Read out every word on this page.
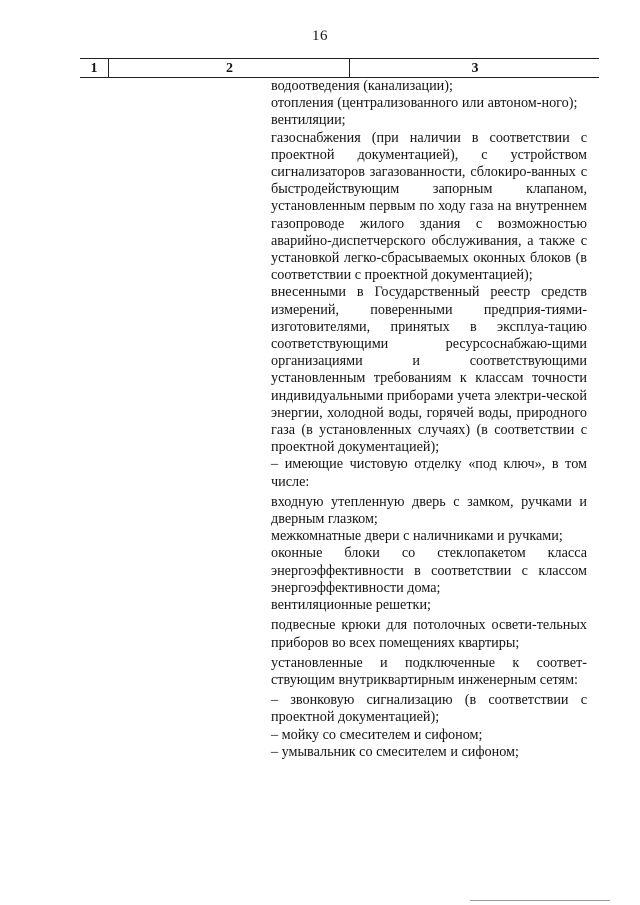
16
1	2	3

водоотведения (канализации);

отопления (централизованного или автоном-ного);

вентиляции;

газоснабжения (при наличии в соответствии с проектной документацией), с устройством сигнализаторов загазованности, сблокиро-ванных с быстродействующим запорным клапаном, установленным первым по ходу газа на внутреннем газопроводе жилого здания с возможностью аварийно-диспетчерского обслуживания, а также с установкой легко-сбрасываемых оконных блоков (в соответствии с проектной документацией);

внесенными в Государственный реестр средств измерений, поверенными предприя-тиями-изготовителями, принятых в эксплуа-тацию соответствующими ресурсоснабжаю-щими организациями и соответствующими установленным требованиям к классам точности индивидуальными приборами учета электри-ческой энергии, холодной воды, горячей воды, природного газа (в установленных случаях) (в соответствии с проектной документацией);

– имеющие чистовую отделку «под ключ», в том числе:

входную утепленную дверь с замком, ручками и дверным глазком;

межкомнатные двери с наличниками и ручками;

оконные блоки со стеклопакетом класса энергоэффективности в соответствии с классом энергоэффективности дома;

вентиляционные решетки;

подвесные крюки для потолочных освети-тельных приборов во всех помещениях квартиры;

установленные и подключенные к соответ-ствующим внутриквартирным инженерным сетям:

– звонковую сигнализацию (в соответствии с проектной документацией);

– мойку со смесителем и сифоном;

– умывальник со смесителем и сифоном;
